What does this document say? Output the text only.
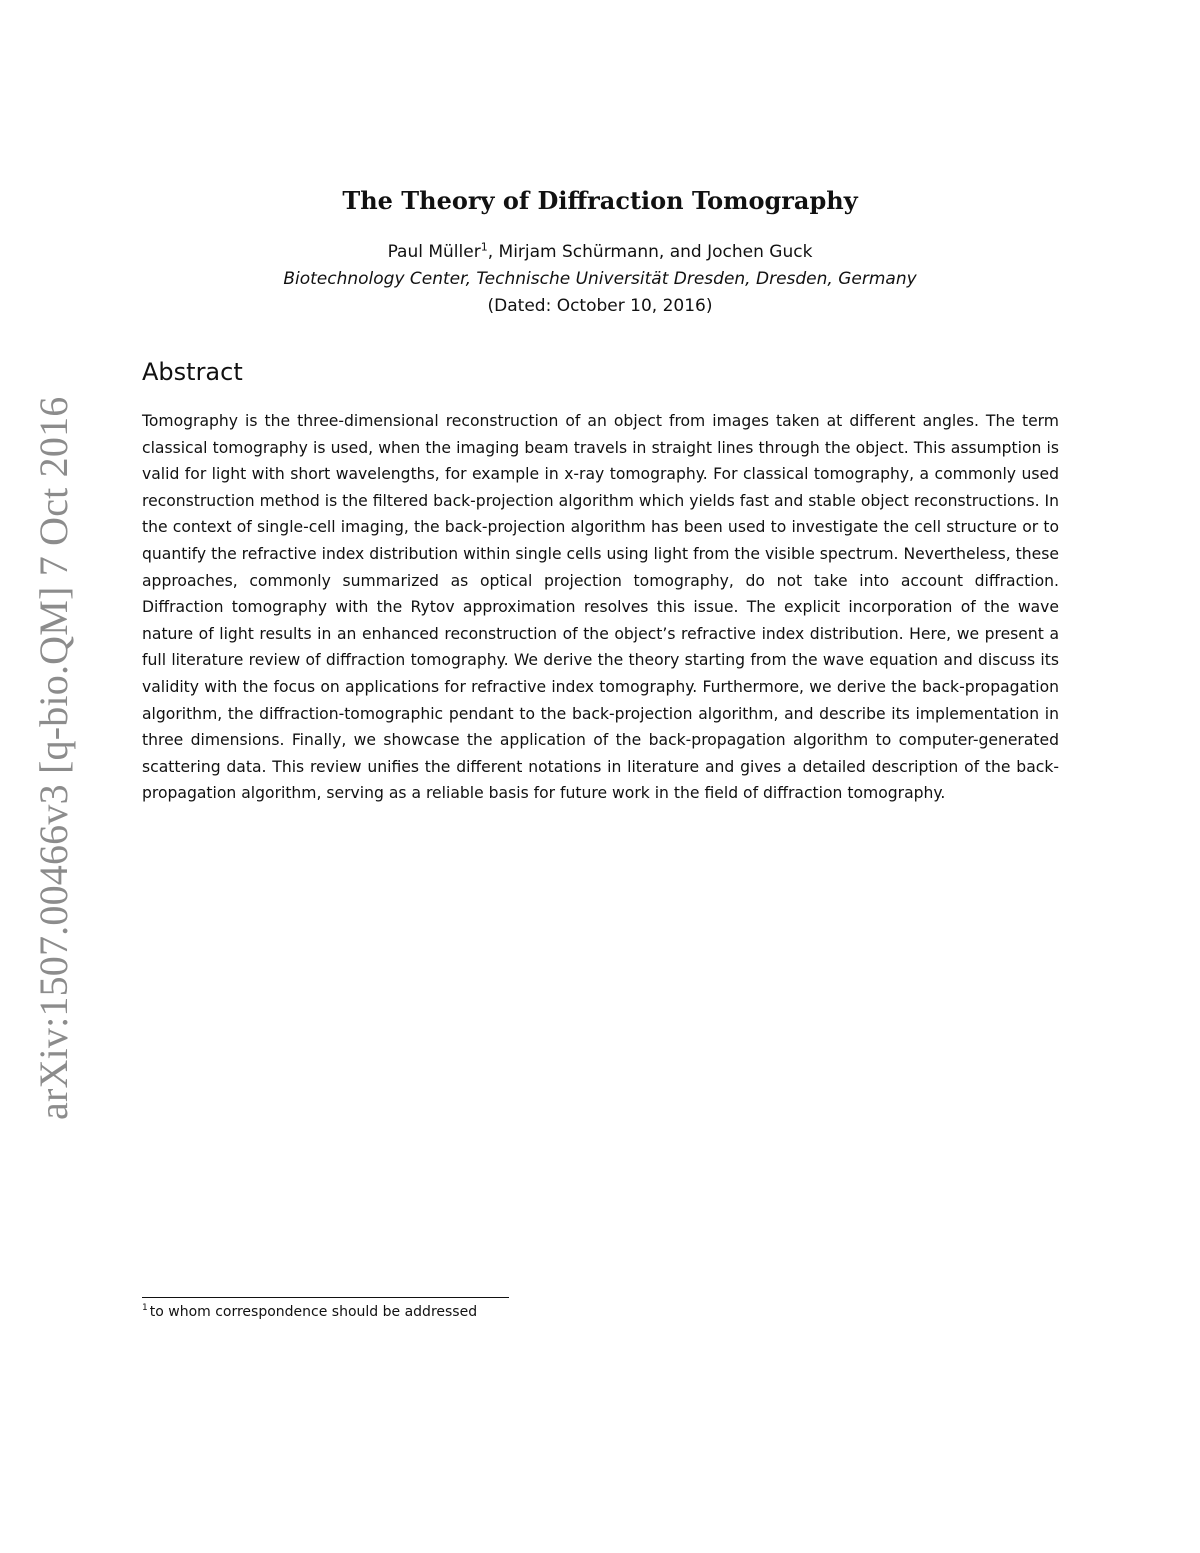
arXiv:1507.00466v3 [q-bio.QM] 7 Oct 2016
The Theory of Diffraction Tomography
Paul Müller$^1$, Mirjam Schürmann, and Jochen Guck
Biotechnology Center, Technische Universität Dresden, Dresden, Germany
(Dated: October 10, 2016)
Abstract
Tomography is the three-dimensional reconstruction of an object from images taken at different angles. The term classical tomography is used, when the imaging beam travels in straight lines through the object. This assumption is valid for light with short wavelengths, for example in x-ray tomography. For classical tomography, a commonly used reconstruction method is the filtered back-projection algorithm which yields fast and stable object reconstructions. In the context of single-cell imaging, the back-projection algorithm has been used to investigate the cell structure or to quantify the refractive index distribution within single cells using light from the visible spectrum. Nevertheless, these approaches, commonly summarized as optical projection tomography, do not take into account diffraction. Diffraction tomography with the Rytov approximation resolves this issue. The explicit incorporation of the wave nature of light results in an enhanced reconstruction of the object’s refractive index distribution. Here, we present a full literature review of diffraction tomography. We derive the theory starting from the wave equation and discuss its validity with the focus on applications for refractive index tomography. Furthermore, we derive the back-propagation algorithm, the diffraction-tomographic pendant to the back-projection algorithm, and describe its implementation in three dimensions. Finally, we showcase the application of the back-propagation algorithm to computer-generated scattering data. This review unifies the different notations in literature and gives a detailed description of the back-propagation algorithm, serving as a reliable basis for future work in the field of diffraction tomography.
$^1$ to whom correspondence should be addressed
